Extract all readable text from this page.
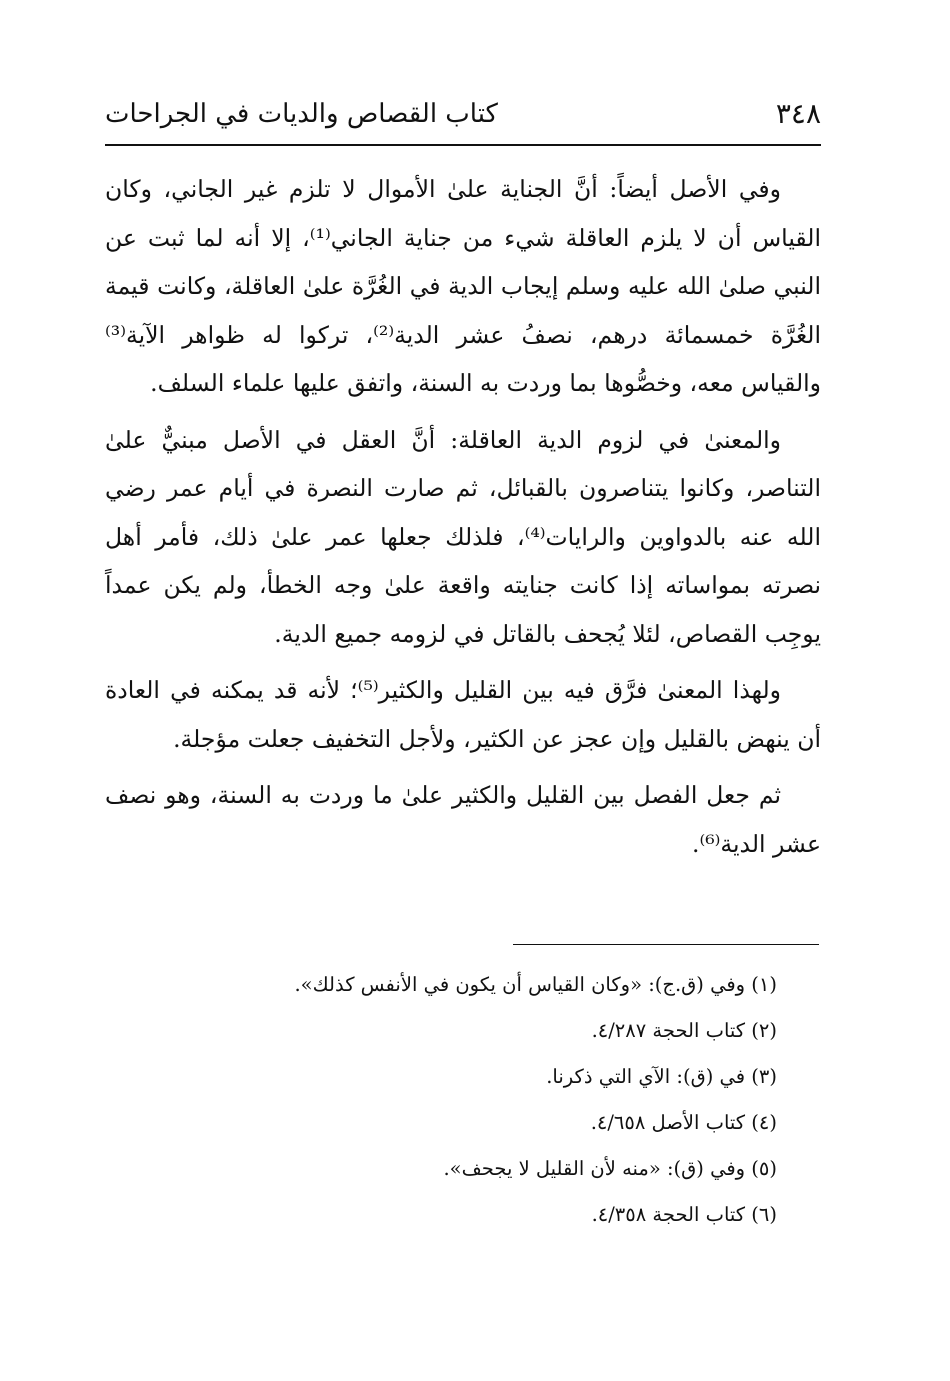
٣٤٨
كتاب القصاص والديات في الجراحات

وفي الأصل أيضاً: أنَّ الجناية علىٰ الأموال لا تلزم غير الجاني، وكان القياس أن لا يلزم العاقلة شيء من جناية الجاني⁽¹⁾، إلا أنه لما ثبت عن النبي صلىٰ الله عليه وسلم إيجاب الدية في الغُرَّة علىٰ العاقلة، وكانت قيمة الغُرَّة خمسمائة درهم، نصفُ عشر الدية⁽²⁾، تركوا له ظواهر الآية⁽³⁾ والقياس معه، وخصُّوها بما وردت به السنة، واتفق عليها علماء السلف.

والمعنىٰ في لزوم الدية العاقلة: أنَّ العقل في الأصل مبنيٌّ علىٰ التناصر، وكانوا يتناصرون بالقبائل، ثم صارت النصرة في أيام عمر رضي الله عنه بالدواوين والرايات⁽⁴⁾، فلذلك جعلها عمر علىٰ ذلك، فأمر أهل نصرته بمواساته إذا كانت جنايته واقعة علىٰ وجه الخطأ، ولم يكن عمداً يوجِب القصاص، لئلا يُجحف بالقاتل في لزومه جميع الدية.

ولهذا المعنىٰ فرَّق فيه بين القليل والكثير⁽⁵⁾؛ لأنه قد يمكنه في العادة أن ينهض بالقليل وإن عجز عن الكثير، ولأجل التخفيف جعلت مؤجلة.

ثم جعل الفصل بين القليل والكثير علىٰ ما وردت به السنة، وهو نصف عشر الدية⁽⁶⁾.

(١) وفي (ق.ج): «وكان القياس أن يكون في الأنفس كذلك».
(٢) كتاب الحجة ٤/٢٨٧.
(٣) في (ق): الآي التي ذكرنا.
(٤) كتاب الأصل ٤/٦٥٨.
(٥) وفي (ق): «منه لأن القليل لا يجحف».
(٦) كتاب الحجة ٤/٣٥٨.
